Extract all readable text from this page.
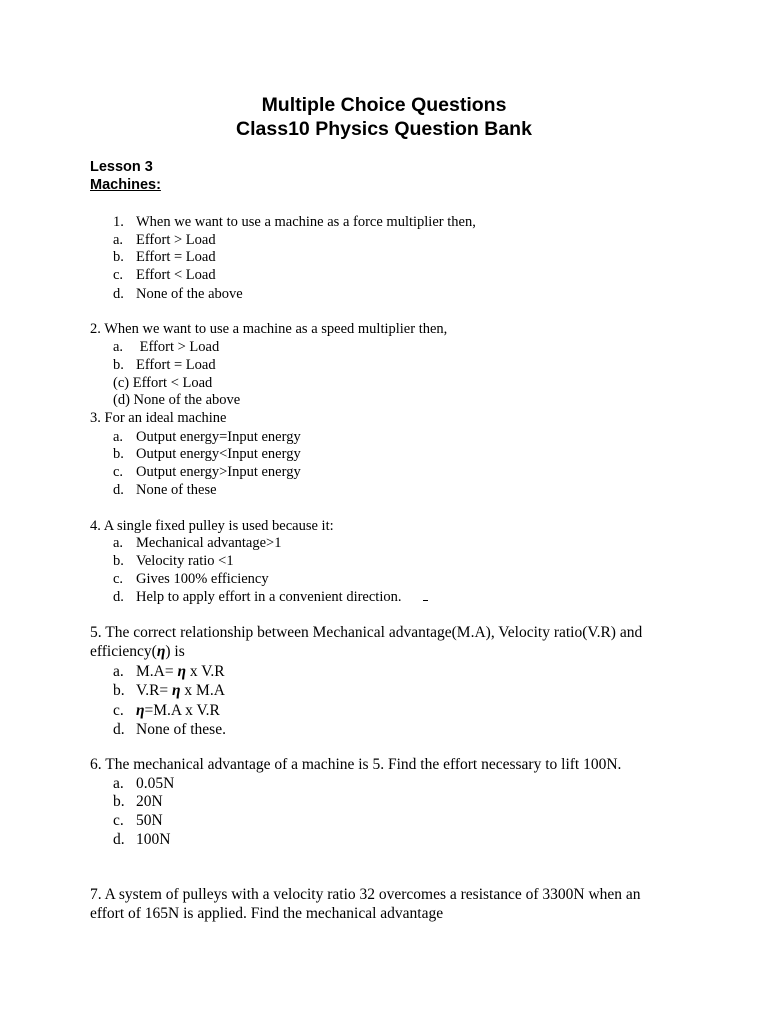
Multiple Choice Questions
Class10 Physics Question Bank
Lesson 3
Machines:
1. When we want to use a machine as a force multiplier then,
a. Effort > Load
b. Effort = Load
c. Effort < Load
d. None of the above
2. When we want to use a machine as a speed multiplier then,
a. Effort > Load
b. Effort = Load
(c) Effort < Load
(d) None of the above
3. For an ideal machine
a. Output energy=Input energy
b. Output energy<Input energy
c. Output energy>Input energy
d. None of these
4. A single fixed pulley is used because it:
a. Mechanical advantage>1
b. Velocity ratio <1
c. Gives 100% efficiency
d. Help to apply effort in a convenient direction.
5. The correct relationship between Mechanical advantage(M.A), Velocity ratio(V.R) and
efficiency(η) is
a. M.A= η x V.R
b. V.R= η x M.A
c. η=M.A x V.R
d. None of these.
6. The mechanical advantage of a machine is 5. Find the effort necessary to lift 100N.
a. 0.05N
b. 20N
c. 50N
d. 100N
7. A system of pulleys with a velocity ratio 32 overcomes a resistance of 3300N when an
effort of 165N is applied. Find the mechanical advantage
